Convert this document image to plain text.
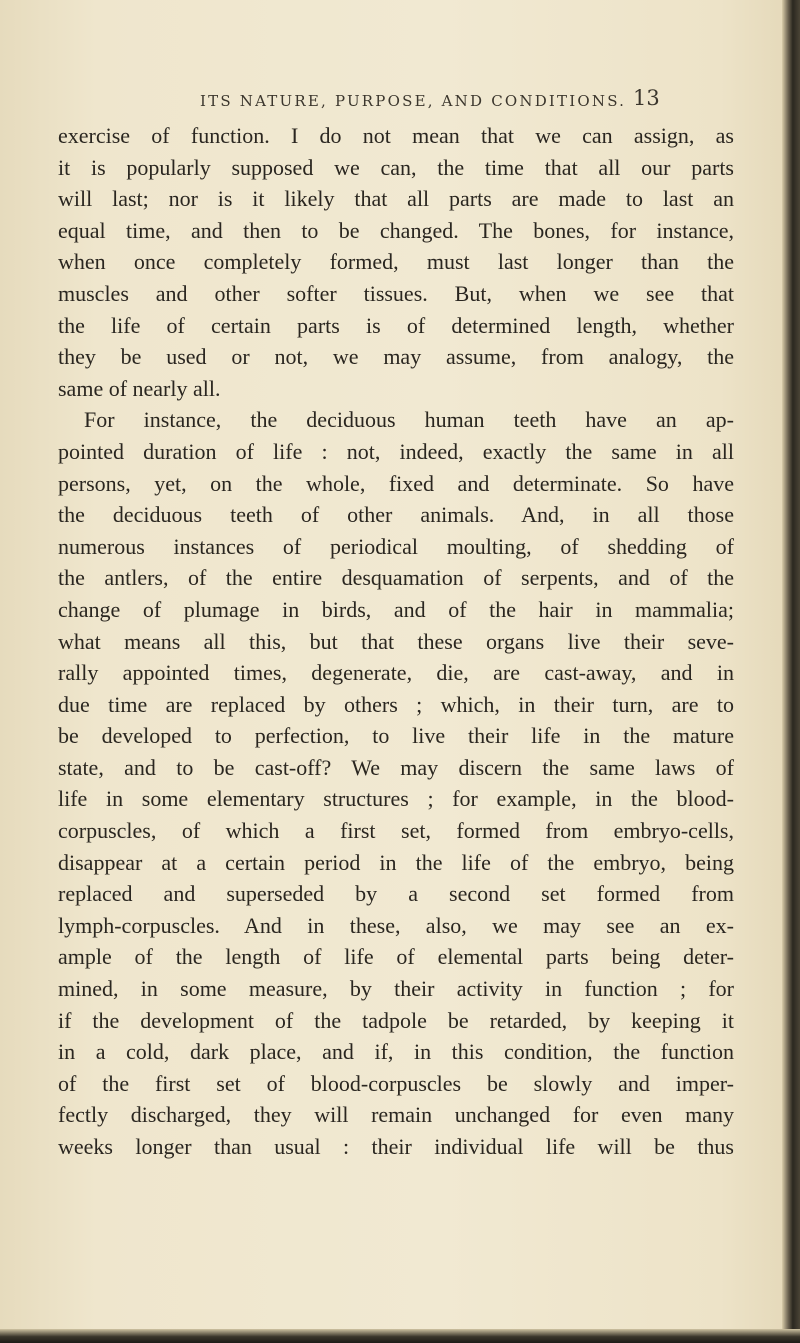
ITS NATURE, PURPOSE, AND CONDITIONS. 13
exercise of function. I do not mean that we can assign, as
it is popularly supposed we can, the time that all our parts
will last; nor is it likely that all parts are made to last an
equal time, and then to be changed. The bones, for instance,
when once completely formed, must last longer than the
muscles and other softer tissues. But, when we see that
the life of certain parts is of determined length, whether
they be used or not, we may assume, from analogy, the
same of nearly all.
For instance, the deciduous human teeth have an ap-
pointed duration of life : not, indeed, exactly the same in all
persons, yet, on the whole, fixed and determinate. So have
the deciduous teeth of other animals. And, in all those
numerous instances of periodical moulting, of shedding of
the antlers, of the entire desquamation of serpents, and of the
change of plumage in birds, and of the hair in mammalia;
what means all this, but that these organs live their seve-
rally appointed times, degenerate, die, are cast-away, and in
due time are replaced by others ; which, in their turn, are to
be developed to perfection, to live their life in the mature
state, and to be cast-off? We may discern the same laws of
life in some elementary structures ; for example, in the blood-
corpuscles, of which a first set, formed from embryo-cells,
disappear at a certain period in the life of the embryo, being
replaced and superseded by a second set formed from
lymph-corpuscles. And in these, also, we may see an ex-
ample of the length of life of elemental parts being deter-
mined, in some measure, by their activity in function ; for
if the development of the tadpole be retarded, by keeping it
in a cold, dark place, and if, in this condition, the function
of the first set of blood-corpuscles be slowly and imper-
fectly discharged, they will remain unchanged for even many
weeks longer than usual : their individual life will be thus
